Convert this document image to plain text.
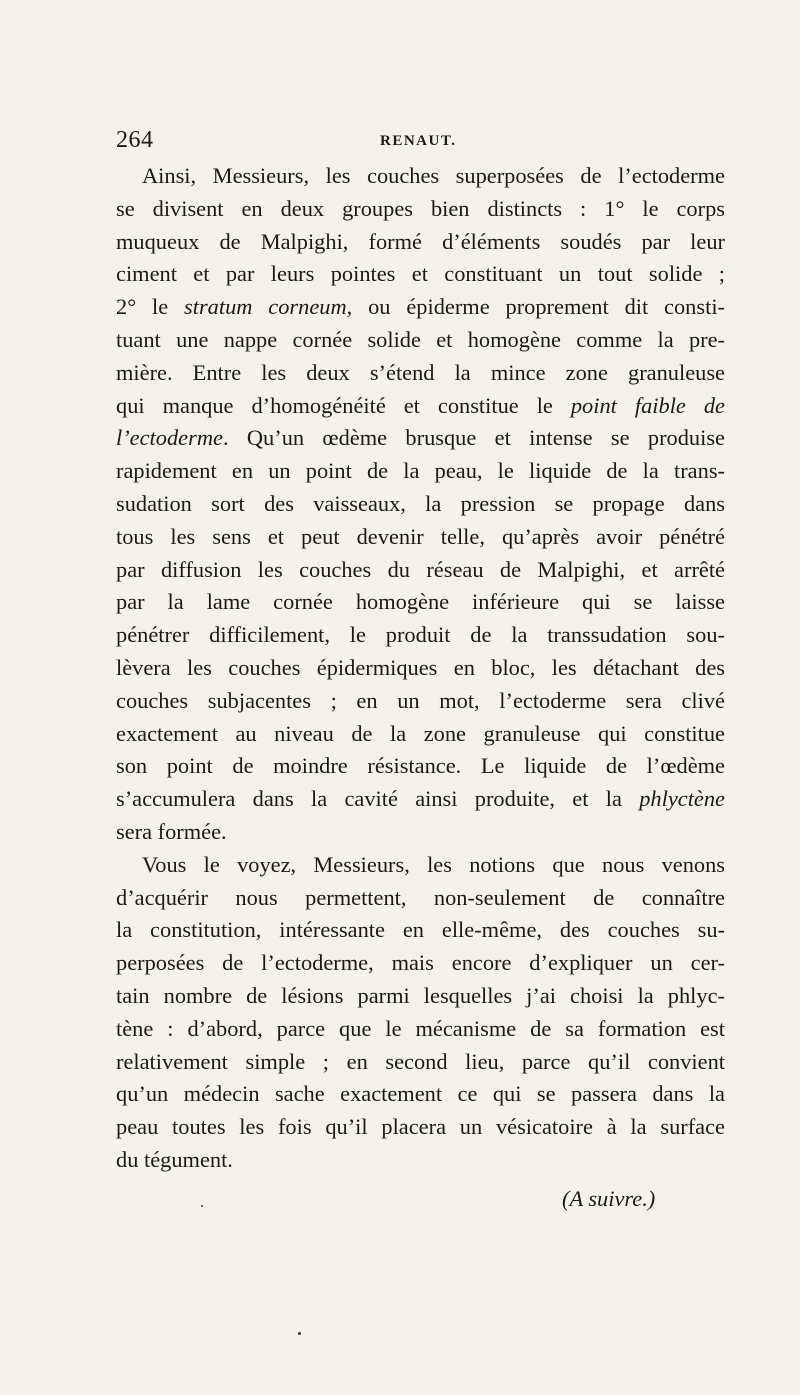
264	RENAUT.
Ainsi, Messieurs, les couches superposées de l’ectoderme
se divisent en deux groupes bien distincts : 1° le corps
muqueux de Malpighi, formé d’éléments soudés par leur
ciment et par leurs pointes et constituant un tout solide ;
2° le stratum corneum, ou épiderme proprement dit consti-
tuant une nappe cornée solide et homogène comme la pre-
mière. Entre les deux s’étend la mince zone granuleuse
qui manque d’homogénéité et constitue le point faible de
l’ectoderme. Qu’un œdème brusque et intense se produise
rapidement en un point de la peau, le liquide de la trans-
sudation sort des vaisseaux, la pression se propage dans
tous les sens et peut devenir telle, qu’après avoir pénétré
par diffusion les couches du réseau de Malpighi, et arrêté
par la lame cornée homogène inférieure qui se laisse
pénétrer difficilement, le produit de la transsudation sou-
lèvera les couches épidermiques en bloc, les détachant des
couches subjacentes ; en un mot, l’ectoderme sera clivé
exactement au niveau de la zone granuleuse qui constitue
son point de moindre résistance. Le liquide de l’œdème
s’accumulera dans la cavité ainsi produite, et la phlyctène
sera formée.
Vous le voyez, Messieurs, les notions que nous venons
d’acquérir nous permettent, non-seulement de connaître
la constitution, intéressante en elle-même, des couches su-
perposées de l’ectoderme, mais encore d’expliquer un cer-
tain nombre de lésions parmi lesquelles j’ai choisi la phlyc-
tène : d’abord, parce que le mécanisme de sa formation est
relativement simple ; en second lieu, parce qu’il convient
qu’un médecin sache exactement ce qui se passera dans la
peau toutes les fois qu’il placera un vésicatoire à la surface
du tégument.
(A suivre.)
